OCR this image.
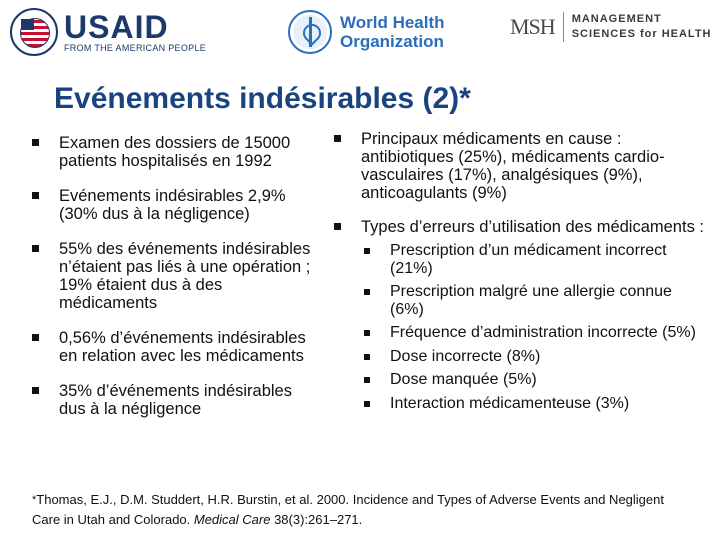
USAID
FROM THE AMERICAN PEOPLE
World Health
Organization
MSH MANAGEMENT
SCIENCES for HEALTH
Evénements indésirables (2)*
Examen des dossiers de 15000 patients hospitalisés en 1992
Evénements indésirables 2,9% (30% dus à la négligence)
55% des événements indésirables n’étaient pas liés à une opération ; 19% étaient dus à des médicaments
0,56% d’événements indésirables en relation avec les médicaments
35% d’événements indésirables dus à la négligence
Principaux médicaments en cause : antibiotiques (25%), médicaments cardio-vasculaires (17%), analgésiques (9%), anticoagulants (9%)
Types d’erreurs d’utilisation des médicaments :
Prescription d’un médicament incorrect (21%)
Prescription malgré une allergie connue (6%)
Fréquence d’administration incorrecte (5%)
Dose incorrecte (8%)
Dose manquée (5%)
Interaction médicamenteuse (3%)
*Thomas, E.J., D.M. Studdert, H.R. Burstin, et al. 2000. Incidence and Types of Adverse Events and Negligent Care in Utah and Colorado. Medical Care 38(3):261–271.
